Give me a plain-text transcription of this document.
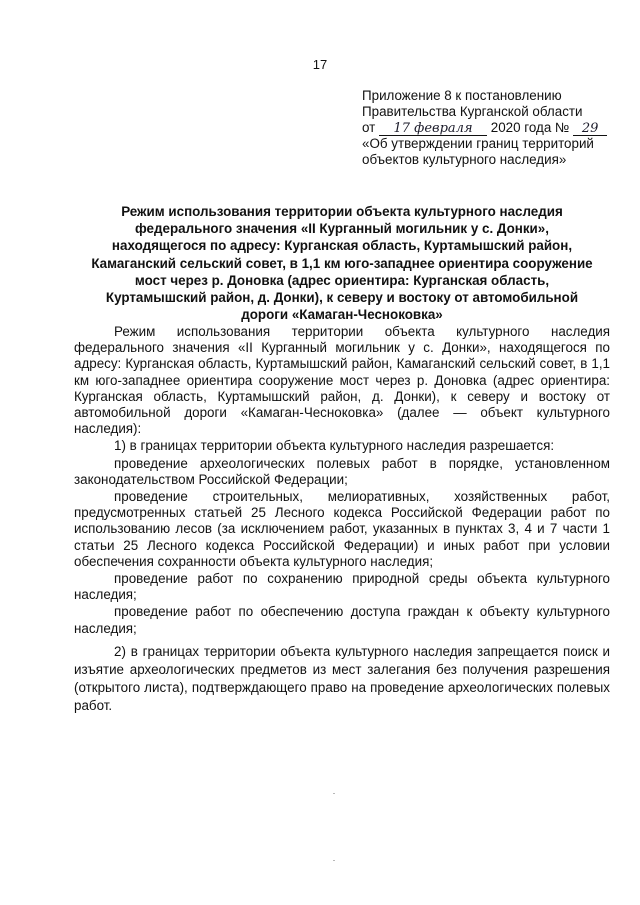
17
Приложение 8 к постановлению
Правительства Курганской области
от 17 февраля 2020 года № 29
«Об утверждении границ территорий
объектов культурного наследия»
Режим использования территории объекта культурного наследия
федерального значения «II Курганный могильник у с. Донки»,
находящегося по адресу: Курганская область, Куртамышский район,
Камаганский сельский совет, в 1,1 км юго-западнее ориентира сооружение
мост через р. Доновка (адрес ориентира: Курганская область,
Куртамышский район, д. Донки), к северу и востоку от автомобильной
дороги «Камаган-Чесноковка»

Режим использования территории объекта культурного наследия федерального значения «II Курганный могильник у с. Донки», находящегося по адресу: Курганская область, Куртамышский район, Камаганский сельский совет, в 1,1 км юго-западнее ориентира сооружение мост через р. Доновка (адрес ориентира: Курганская область, Куртамышский район, д. Донки), к северу и востоку от автомобильной дороги «Камаган-Чесноковка» (далее — объект культурного наследия):

1) в границах территории объекта культурного наследия разрешается:

проведение археологических полевых работ в порядке, установленном законодательством Российской Федерации;

проведение строительных, мелиоративных, хозяйственных работ, предусмотренных статьей 25 Лесного кодекса Российской Федерации работ по использованию лесов (за исключением работ, указанных в пунктах 3, 4 и 7 части 1 статьи 25 Лесного кодекса Российской Федерации) и иных работ при условии обеспечения сохранности объекта культурного наследия;

проведение работ по сохранению природной среды объекта культурного наследия;

проведение работ по обеспечению доступа граждан к объекту культурного наследия;

2) в границах территории объекта культурного наследия запрещается поиск и изъятие археологических предметов из мест залегания без получения разрешения (открытого листа), подтверждающего право на проведение археологических полевых работ.
